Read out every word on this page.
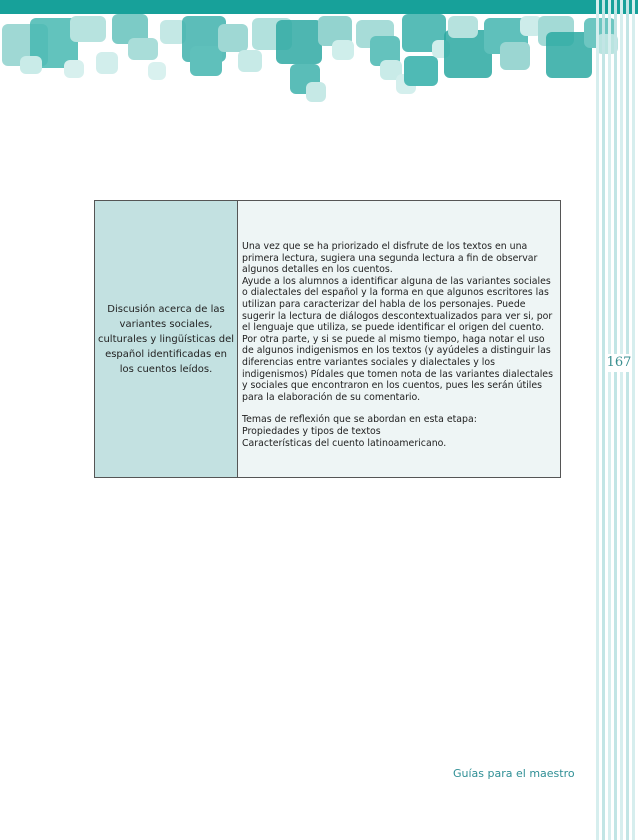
167
Discusión acerca de las variantes sociales, culturales y lingüísticas del español identificadas en los cuentos leídos.	

Una vez que se ha priorizado el disfrute de los textos en una primera lectura, sugiera una segunda lectura a fin de observar algunos detalles en los cuentos.

Ayude a los alumnos a identificar alguna de las variantes sociales o dialectales del español y la forma en que algunos escritores las utilizan para caracterizar del habla de los personajes. Puede sugerir la lectura de diálogos descontextualizados para ver si, por el lenguaje que utiliza, se puede identificar el origen del cuento.

Por otra parte, y si se puede al mismo tiempo, haga notar el uso de algunos indigenismos en los textos (y ayúdeles a distinguir las diferencias entre variantes sociales y dialectales y los indigenismos) Pídales que tomen nota de las variantes dialectales y sociales que encontraron en los cuentos, pues les serán útiles para la elaboración de su comentario.

Temas de reflexión que se abordan en esta etapa:

Propiedades y tipos de textos

Características del cuento latinoamericano.

Guías para el maestro
